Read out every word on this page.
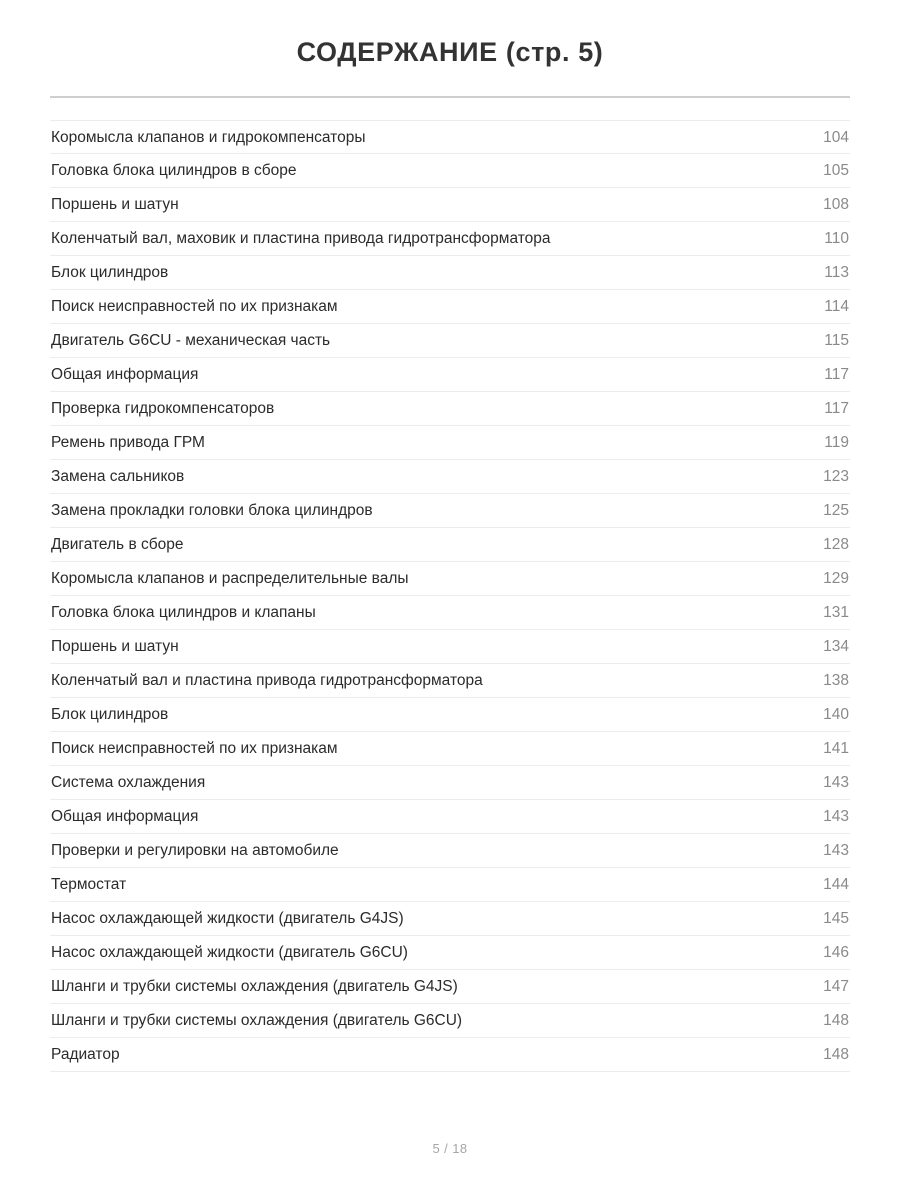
СОДЕРЖАНИЕ (стр. 5)
Коромысла клапанов и гидрокомпенсаторы	104
Головка блока цилиндров в сборе	105
Поршень и шатун	108
Коленчатый вал, маховик и пластина привода гидротрансформатора	110
Блок цилиндров	113
Поиск неисправностей по их признакам	114
Двигатель G6CU - механическая часть	115
Общая информация	117
Проверка гидрокомпенсаторов	117
Ремень привода ГРМ	119
Замена сальников	123
Замена прокладки головки блока цилиндров	125
Двигатель в сборе	128
Коромысла клапанов и распределительные валы	129
Головка блока цилиндров и клапаны	131
Поршень и шатун	134
Коленчатый вал и пластина привода гидротрансформатора	138
Блок цилиндров	140
Поиск неисправностей по их признакам	141
Система охлаждения	143
Общая информация	143
Проверки и регулировки на автомобиле	143
Термостат	144
Насос охлаждающей жидкости (двигатель G4JS)	145
Насос охлаждающей жидкости (двигатель G6CU)	146
Шланги и трубки системы охлаждения (двигатель G4JS)	147
Шланги и трубки системы охлаждения (двигатель G6CU)	148
Радиатор	148
5 / 18
